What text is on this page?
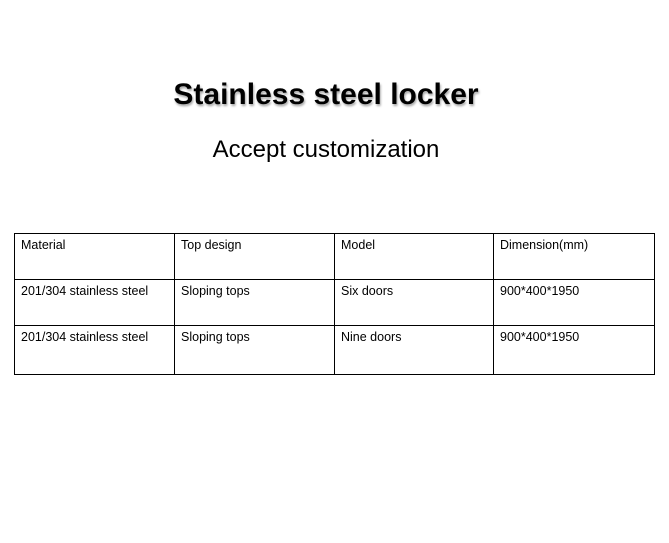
Stainless steel locker
Accept customization
Material	Top design	Model	Dimension(mm)
201/304 stainless steel	Sloping tops	Six doors	900*400*1950
201/304 stainless steel	Sloping tops	Nine doors	900*400*1950
